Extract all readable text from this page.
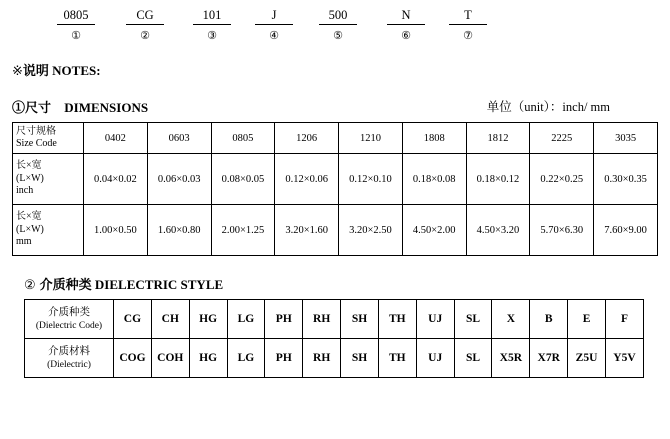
0805	CG	101	J	500	N	T
①	②	③	④	⑤	⑥	⑦
※说明 NOTES:
①尺寸 DIMENSIONS	单位（unit）：inch/ mm
尺寸规格
Size Code	0402	0603	0805	1206	1210	1808	1812	2225	3035

长×宽
(L×W)
inch	0.04×0.02	0.06×0.03	0.08×0.05	0.12×0.06	0.12×0.10	0.18×0.08	0.18×0.12	0.22×0.25	0.30×0.35

长×宽
(L×W)
mm	1.00×0.50	1.60×0.80	2.00×1.25	3.20×1.60	3.20×2.50	4.50×2.00	4.50×3.20	5.70×6.30	7.60×9.00
② 介质种类 DIELECTRIC STYLE
介质种类
(Dielectric Code)	CG	CH	HG	LG	PH	RH	SH	TH	UJ	SL	X	B	E	F

介质材料
(Dielectric)	COG	COH	HG	LG	PH	RH	SH	TH	UJ	SL	X5R	X7R	Z5U	Y5V
